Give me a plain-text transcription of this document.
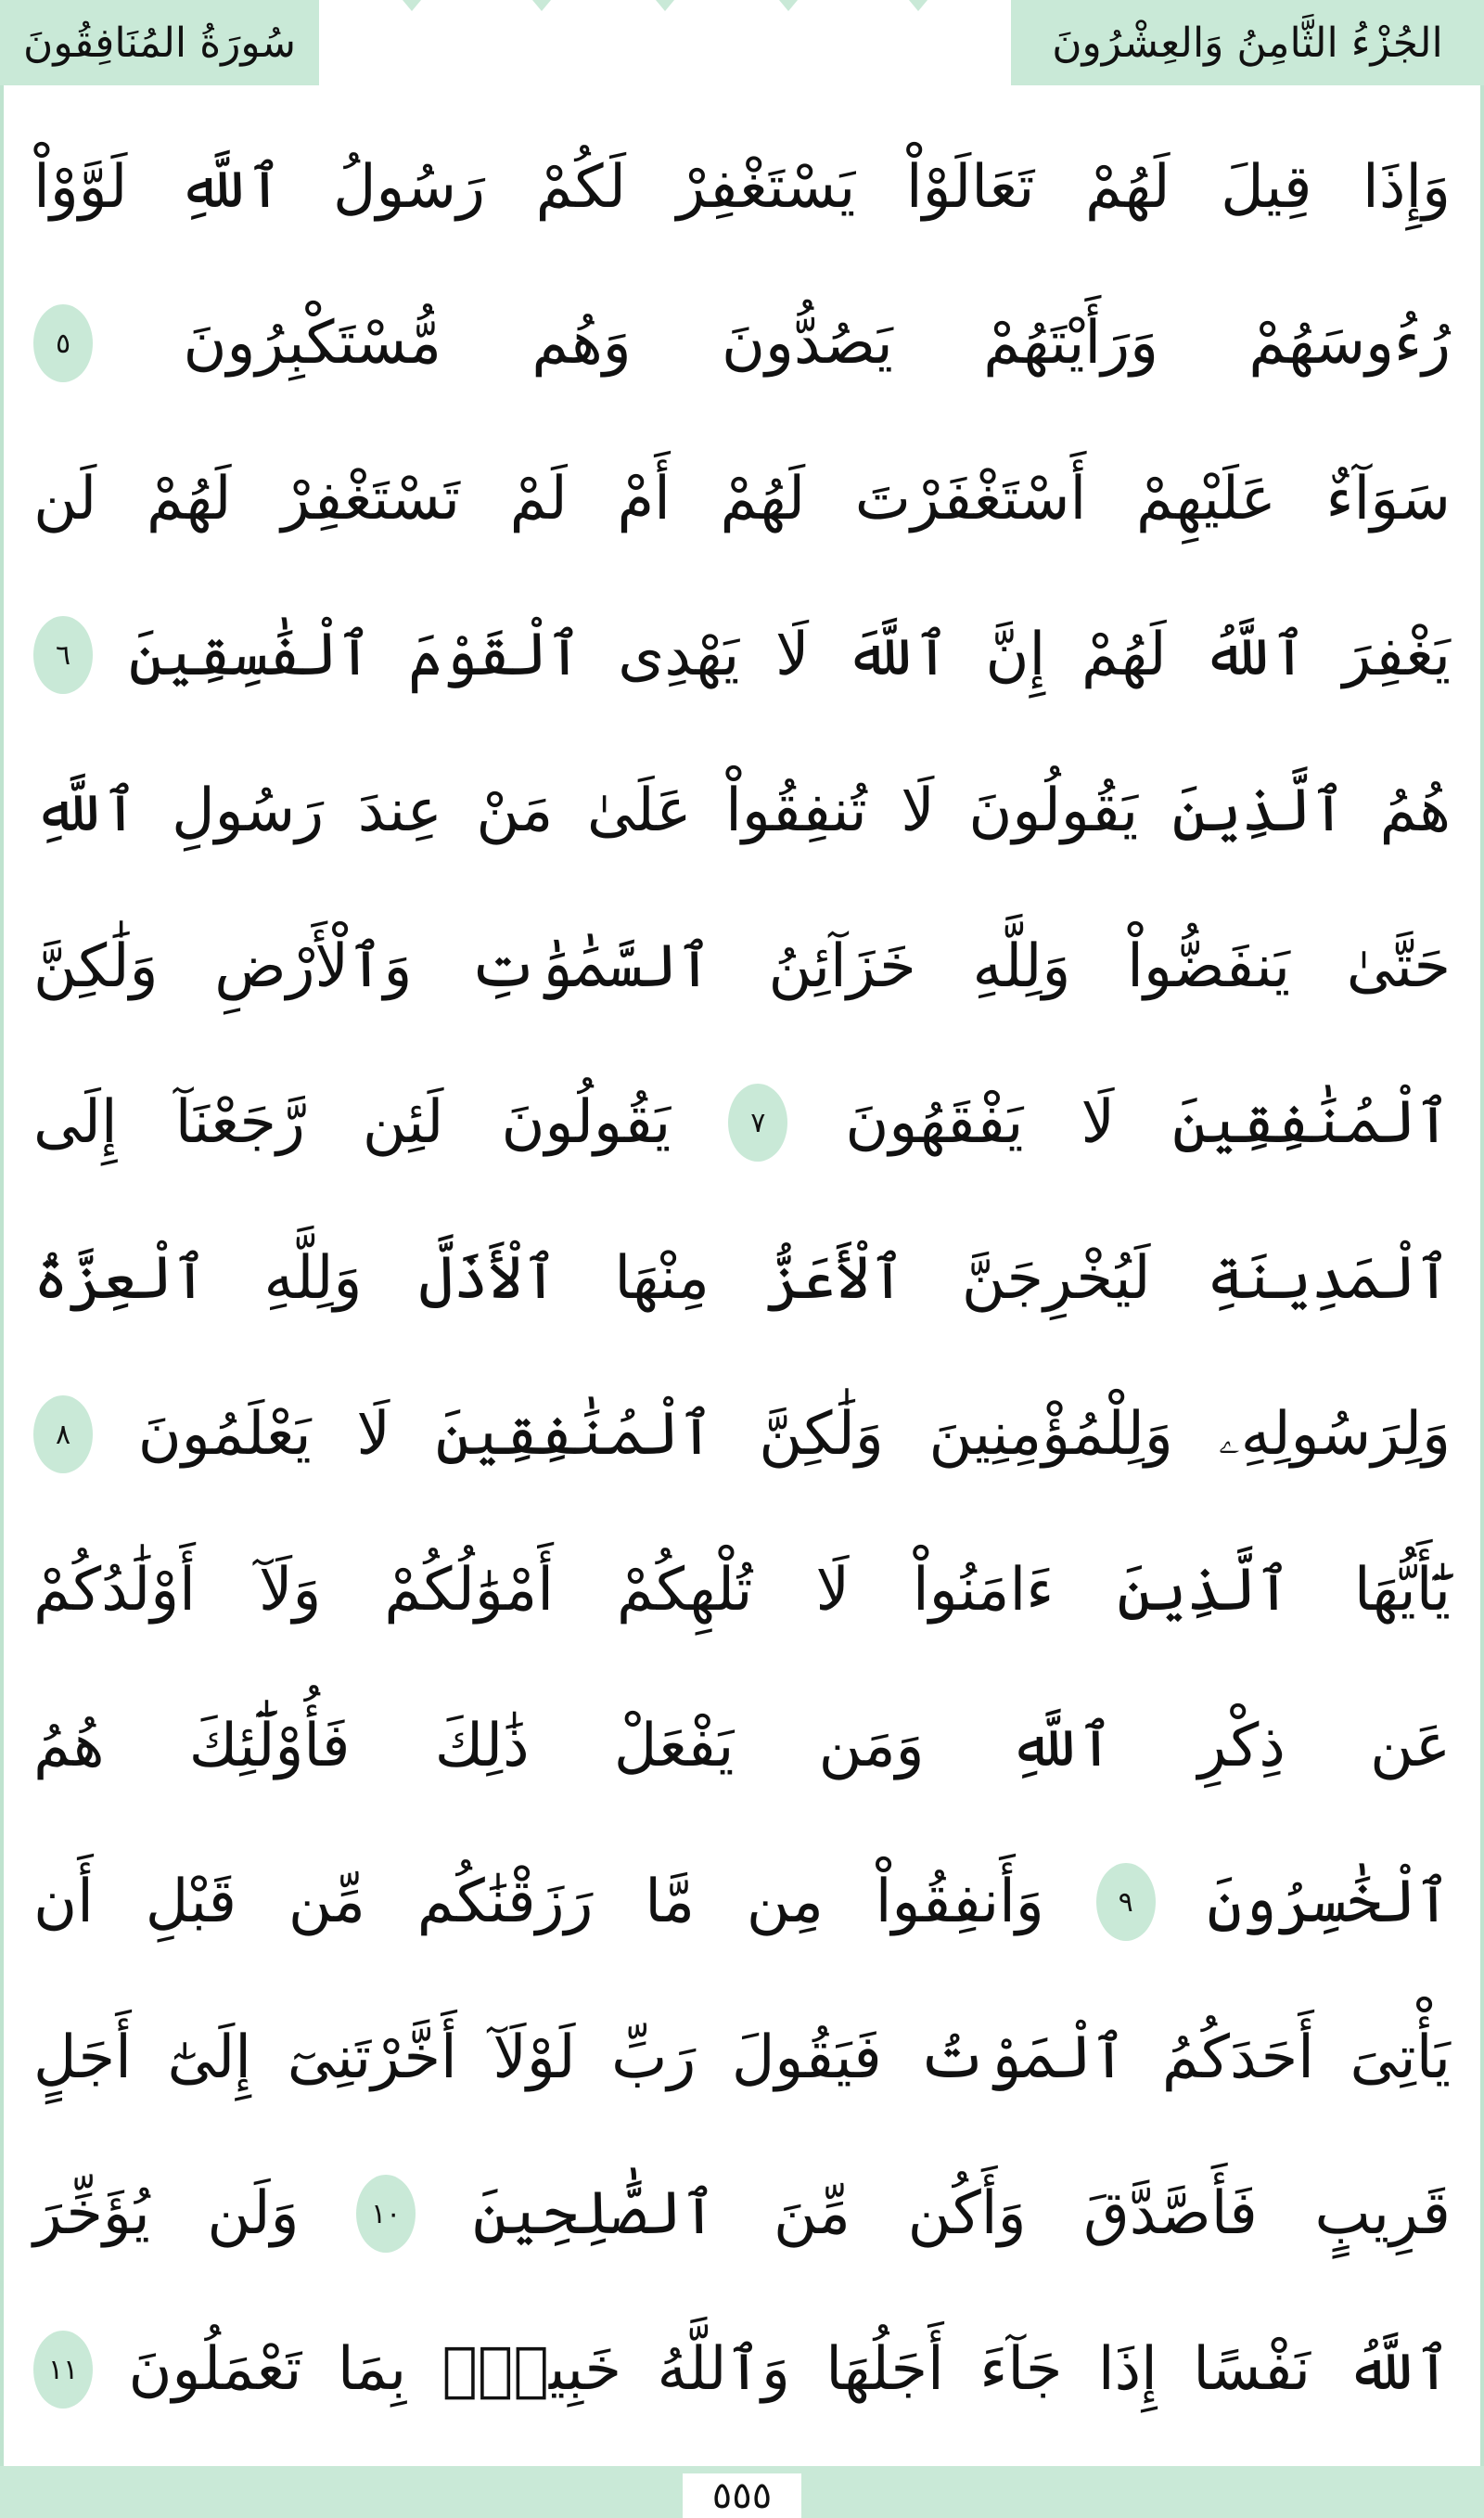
سُورَةُ المُنَافِقُونَ	الجُزْءُ الثَّامِنُ وَالعِشْرُونَ
وَإِذَا
قِيلَ
لَهُمْ
تَعَالَوْاْ
يَسْتَغْفِرْ
لَكُمْ
رَسُولُ
ٱللَّهِ
لَوَّوْاْ
رُءُوسَهُمْ
وَرَأَيْتَهُمْ
يَصُدُّونَ
وَهُم
مُّسْتَكْبِرُونَ
٥
سَوَآءٌ
عَلَيْهِمْ
أَسْتَغْفَرْتَ
لَهُمْ
أَمْ
لَمْ
تَسْتَغْفِرْ
لَهُمْ
لَن
يَغْفِرَ
ٱللَّهُ
لَهُمْ
إِنَّ
ٱللَّهَ
لَا
يَهْدِى
ٱلْقَوْمَ
ٱلْفَٰسِقِينَ
٦
هُمُ
ٱلَّذِينَ
يَقُولُونَ
لَا
تُنفِقُواْ
عَلَىٰ
مَنْ
عِندَ
رَسُولِ
ٱللَّهِ
حَتَّىٰ
يَنفَضُّواْ
وَلِلَّهِ
خَزَآئِنُ
ٱلسَّمَٰوَٰتِ
وَٱلْأَرْضِ
وَلَٰكِنَّ
ٱلْمُنَٰفِقِينَ
لَا
يَفْقَهُونَ
٧
يَقُولُونَ
لَئِن
رَّجَعْنَآ
إِلَى
ٱلْمَدِينَةِ
لَيُخْرِجَنَّ
ٱلْأَعَزُّ
مِنْهَا
ٱلْأَذَلَّ
وَلِلَّهِ
ٱلْعِزَّةُ
وَلِرَسُولِهِۦ
وَلِلْمُؤْمِنِينَ
وَلَٰكِنَّ
ٱلْمُنَٰفِقِينَ
لَا
يَعْلَمُونَ
٨
يَٰٓأَيُّهَا
ٱلَّذِينَ
ءَامَنُواْ
لَا
تُلْهِكُمْ
أَمْوَٰلُكُمْ
وَلَآ
أَوْلَٰدُكُمْ
عَن
ذِكْرِ
ٱللَّهِ
وَمَن
يَفْعَلْ
ذَٰلِكَ
فَأُوْلَٰٓئِكَ
هُمُ
ٱلْخَٰسِرُونَ
٩
وَأَنفِقُواْ
مِن
مَّا
رَزَقْنَٰكُم
مِّن
قَبْلِ
أَن
يَأْتِىَ
أَحَدَكُمُ
ٱلْمَوْتُ
فَيَقُولَ
رَبِّ
لَوْلَآ
أَخَّرْتَنِىٓ
إِلَىٰٓ
أَجَلٍ
قَرِيبٍ
فَأَصَّدَّقَ
وَأَكُن
مِّنَ
ٱلصَّٰلِحِينَ
١٠
وَلَن
يُؤَخِّرَ
ٱللَّهُ
نَفْسًا
إِذَا
جَآءَ
أَجَلُهَا
وَٱللَّهُ
خَبِيرُۢ
بِمَا
تَعْمَلُونَ
١١
٥٥٥
